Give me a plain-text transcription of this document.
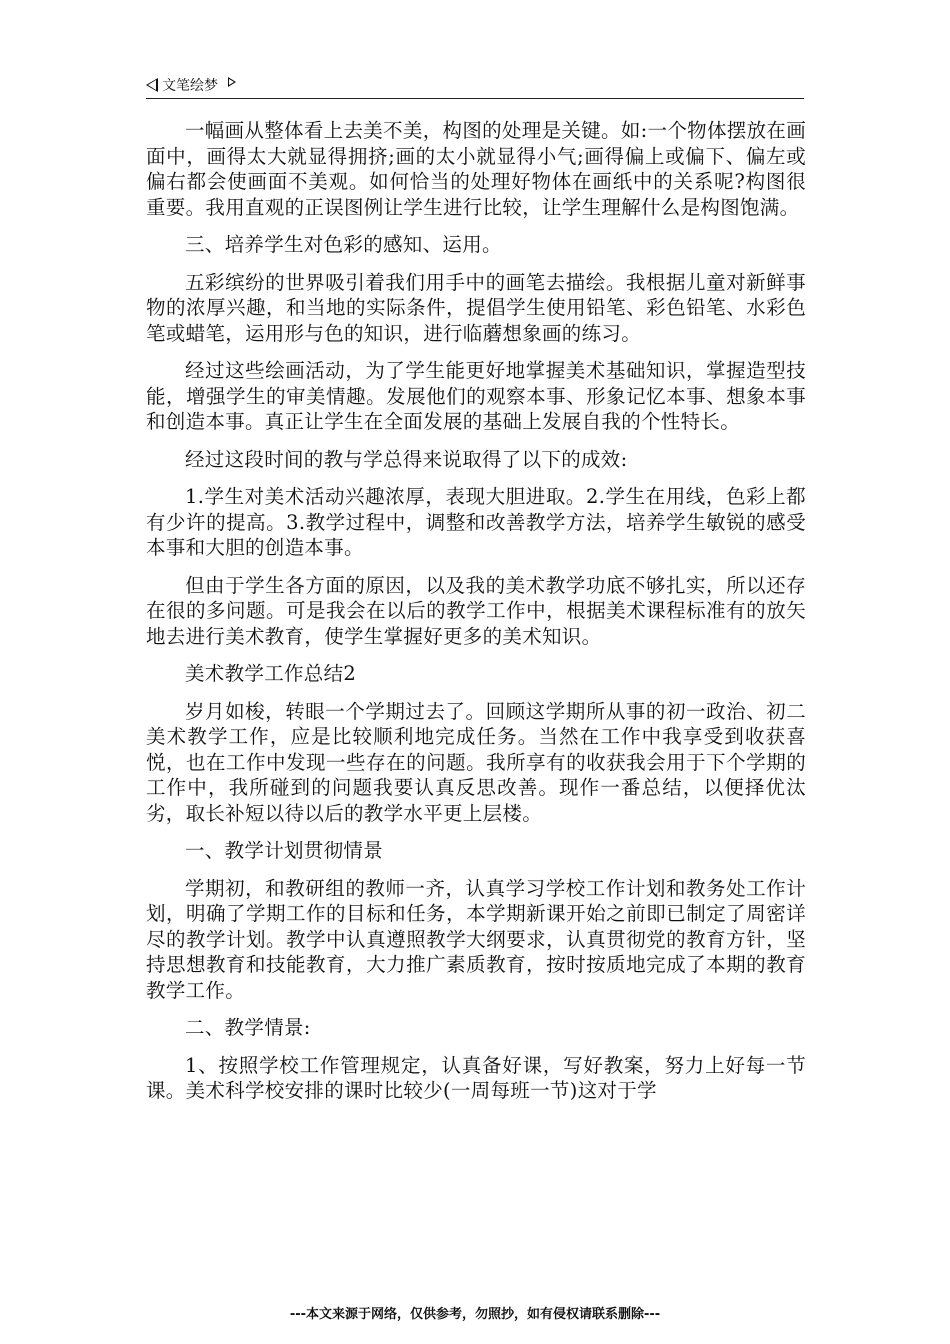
文笔绘梦

一幅画从整体看上去美不美，构图的处理是关键。如:一个物体摆放在画面中，画得太大就显得拥挤;画的太小就显得小气;画得偏上或偏下、偏左或偏右都会使画面不美观。如何恰当的处理好物体在画纸中的关系呢?构图很重要。我用直观的正误图例让学生进行比较，让学生理解什么是构图饱满。

三、培养学生对色彩的感知、运用。

五彩缤纷的世界吸引着我们用手中的画笔去描绘。我根据儿童对新鲜事物的浓厚兴趣，和当地的实际条件，提倡学生使用铅笔、彩色铅笔、水彩色笔或蜡笔，运用形与色的知识，进行临蘑想象画的练习。

经过这些绘画活动，为了学生能更好地掌握美术基础知识，掌握造型技能，增强学生的审美情趣。发展他们的观察本事、形象记忆本事、想象本事和创造本事。真正让学生在全面发展的基础上发展自我的个性特长。

经过这段时间的教与学总得来说取得了以下的成效:

1.学生对美术活动兴趣浓厚，表现大胆进取。2.学生在用线，色彩上都有少许的提高。3.教学过程中，调整和改善教学方法，培养学生敏锐的感受本事和大胆的创造本事。

但由于学生各方面的原因，以及我的美术教学功底不够扎实，所以还存在很的多问题。可是我会在以后的教学工作中，根据美术课程标准有的放矢地去进行美术教育，使学生掌握好更多的美术知识。

美术教学工作总结2

岁月如梭，转眼一个学期过去了。回顾这学期所从事的初一政治、初二美术教学工作，应是比较顺利地完成任务。当然在工作中我享受到收获喜悦，也在工作中发现一些存在的问题。我所享有的收获我会用于下个学期的工作中，我所碰到的问题我要认真反思改善。现作一番总结，以便择优汰劣，取长补短以待以后的教学水平更上层楼。

一、教学计划贯彻情景

学期初，和教研组的教师一齐，认真学习学校工作计划和教务处工作计划，明确了学期工作的目标和任务，本学期新课开始之前即已制定了周密详尽的教学计划。教学中认真遵照教学大纲要求，认真贯彻党的教育方针，坚持思想教育和技能教育，大力推广素质教育，按时按质地完成了本期的教育教学工作。

二、教学情景:

1、按照学校工作管理规定，认真备好课，写好教案，努力上好每一节课。美术科学校安排的课时比较少(一周每班一节)这对于学

---本文来源于网络，仅供参考，勿照抄，如有侵权请联系删除---
